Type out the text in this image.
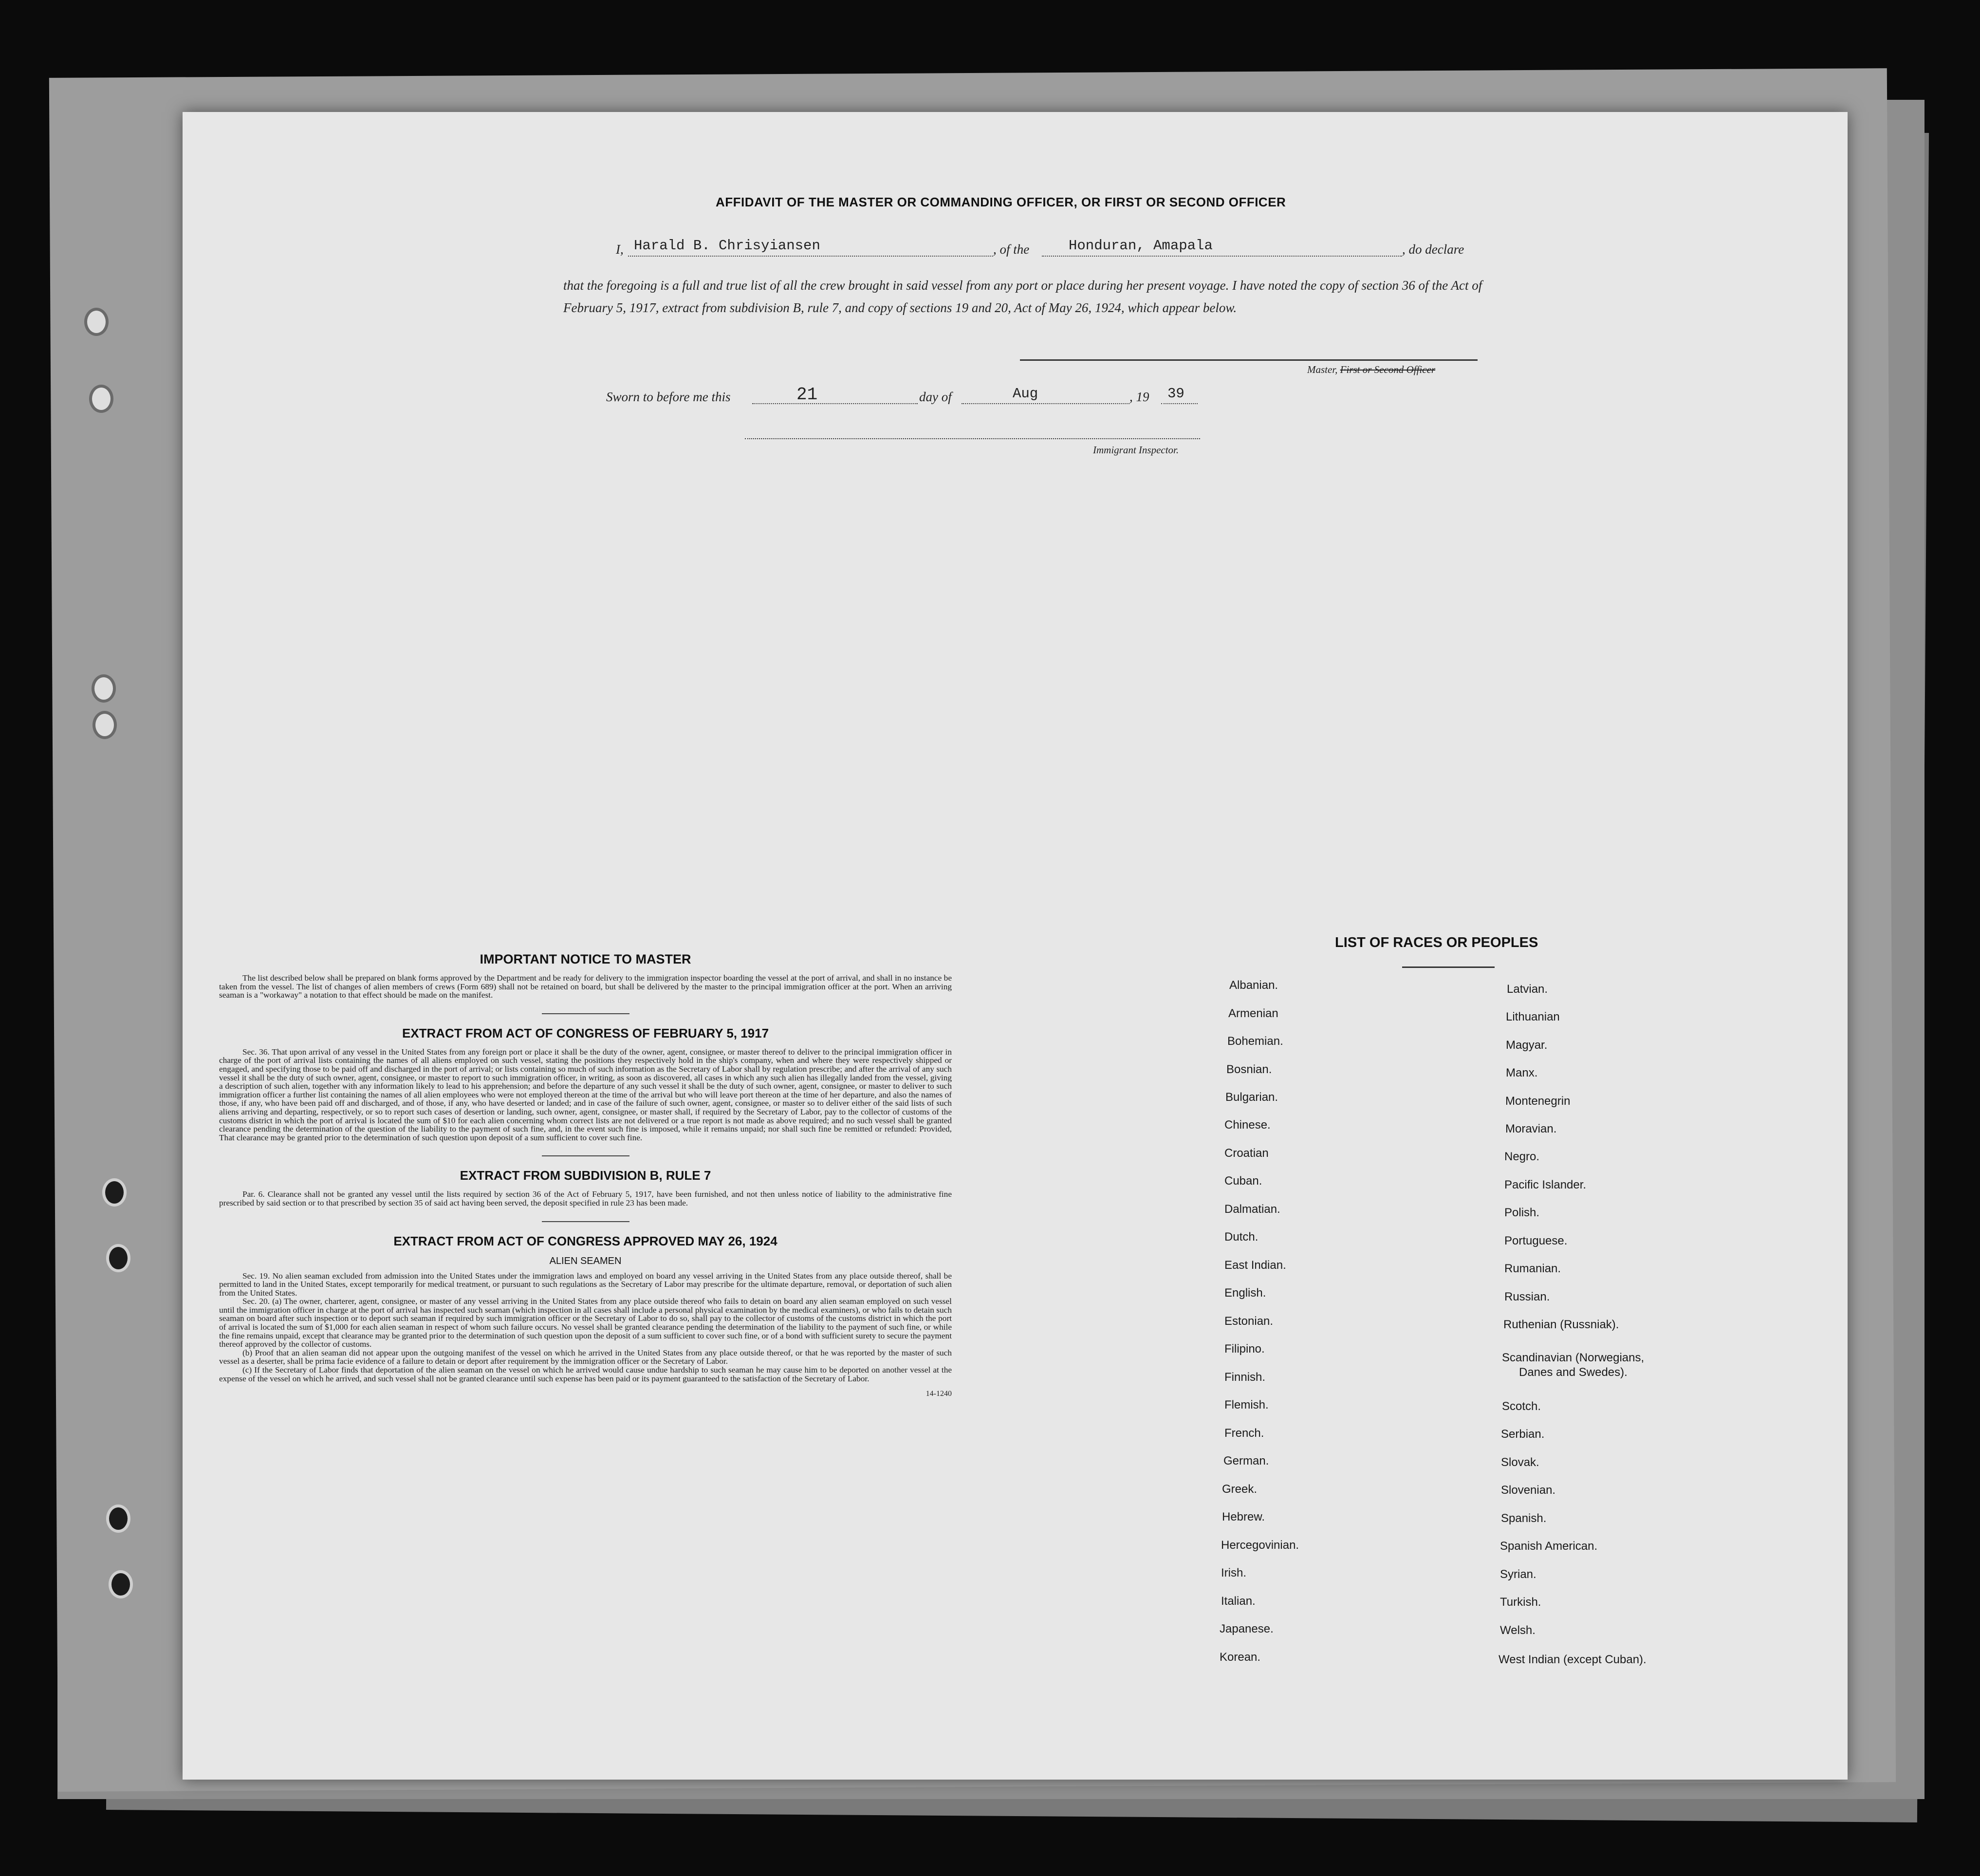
AFFIDAVIT OF THE MASTER OR COMMANDING OFFICER, OR FIRST OR SECOND OFFICER
I, Harald B. Chrisyiansen	, of the	Honduran, Amapala	, do declare

that the foregoing is a full and true list of all the crew brought in said vessel from any port or place during her present voyage. I have noted the copy of section 36 of the Act of February 5, 1917, extract from subdivision B, rule 7, and copy of sections 19 and 20, Act of May 26, 1924, which appear below.

Master, First or Second Officer
Sworn to before me this	21	day of	Aug	, 19 39
Immigrant Inspector.
IMPORTANT NOTICE TO MASTER

The list described below shall be prepared on blank forms approved by the Department and be ready for delivery to the immigration inspector boarding the vessel at the port of arrival, and shall in no instance be taken from the vessel. The list of changes of alien members of crews (Form 689) shall not be retained on board, but shall be delivered by the master to the principal immigration officer at the port. When an arriving seaman is a "workaway" a notation to that effect should be made on the manifest.

EXTRACT FROM ACT OF CONGRESS OF FEBRUARY 5, 1917

Sec. 36. That upon arrival of any vessel in the United States from any foreign port or place it shall be the duty of the owner, agent, consignee, or master thereof to deliver to the principal immigration officer in charge of the port of arrival lists containing the names of all aliens employed on such vessel, stating the positions they respectively hold in the ship's company, when and where they were respectively shipped or engaged, and specifying those to be paid off and discharged in the port of arrival; or lists containing so much of such information as the Secretary of Labor shall by regulation prescribe; and after the arrival of any such vessel it shall be the duty of such owner, agent, consignee, or master to report to such immigration officer, in writing, as soon as discovered, all cases in which any such alien has illegally landed from the vessel, giving a description of such alien, together with any information likely to lead to his apprehension; and before the departure of any such vessel it shall be the duty of such owner, agent, consignee, or master to deliver to such immigration officer a further list containing the names of all alien employees who were not employed thereon at the time of the arrival but who will leave port thereon at the time of her departure, and also the names of those, if any, who have been paid off and discharged, and of those, if any, who have deserted or landed; and in case of the failure of such owner, agent, consignee, or master so to deliver either of the said lists of such aliens arriving and departing, respectively, or so to report such cases of desertion or landing, such owner, agent, consignee, or master shall, if required by the Secretary of Labor, pay to the collector of customs of the customs district in which the port of arrival is located the sum of $10 for each alien concerning whom correct lists are not delivered or a true report is not made as above required; and no such vessel shall be granted clearance pending the determination of the question of the liability to the payment of such fine, and, in the event such fine is imposed, while it remains unpaid; nor shall such fine be remitted or refunded: Provided, That clearance may be granted prior to the determination of such question upon deposit of a sum sufficient to cover such fine.

EXTRACT FROM SUBDIVISION B, RULE 7

Par. 6. Clearance shall not be granted any vessel until the lists required by section 36 of the Act of February 5, 1917, have been furnished, and not then unless notice of liability to the administrative fine prescribed by said section or to that prescribed by section 35 of said act having been served, the deposit specified in rule 23 has been made.

EXTRACT FROM ACT OF CONGRESS APPROVED MAY 26, 1924
ALIEN SEAMEN

Sec. 19. No alien seaman excluded from admission into the United States under the immigration laws and employed on board any vessel arriving in the United States from any place outside thereof, shall be permitted to land in the United States, except temporarily for medical treatment, or pursuant to such regulations as the Secretary of Labor may prescribe for the ultimate departure, removal, or deportation of such alien from the United States.

Sec. 20. (a) The owner, charterer, agent, consignee, or master of any vessel arriving in the United States from any place outside thereof who fails to detain on board any alien seaman employed on such vessel until the immigration officer in charge at the port of arrival has inspected such seaman (which inspection in all cases shall include a personal physical examination by the medical examiners), or who fails to detain such seaman on board after such inspection or to deport such seaman if required by such immigration officer or the Secretary of Labor to do so, shall pay to the collector of customs of the customs district in which the port of arrival is located the sum of $1,000 for each alien seaman in respect of whom such failure occurs. No vessel shall be granted clearance pending the determination of the liability to the payment of such fine, or while the fine remains unpaid, except that clearance may be granted prior to the determination of such question upon the deposit of a sum sufficient to cover such fine, or of a bond with sufficient surety to secure the payment thereof approved by the collector of customs.

(b) Proof that an alien seaman did not appear upon the outgoing manifest of the vessel on which he arrived in the United States from any place outside thereof, or that he was reported by the master of such vessel as a deserter, shall be prima facie evidence of a failure to detain or deport after requirement by the immigration officer or the Secretary of Labor.

(c) If the Secretary of Labor finds that deportation of the alien seaman on the vessel on which he arrived would cause undue hardship to such seaman he may cause him to be deported on another vessel at the expense of the vessel on which he arrived, and such vessel shall not be granted clearance until such expense has been paid or its payment guaranteed to the satisfaction of the Secretary of Labor.

14-1240
LIST OF RACES OR PEOPLES
Albanian.
Armenian
Bohemian.
Bosnian.
Bulgarian.
Chinese.
Croatian
Cuban.
Dalmatian.
Dutch.
East Indian.
English.
Estonian.
Filipino.
Finnish.
Flemish.
French.
German.
Greek.
Hebrew.
Hercegovinian.
Irish.
Italian.
Japanese.
Korean.
Latvian.
Lithuanian
Magyar.
Manx.
Montenegrin
Moravian.
Negro.
Pacific Islander.
Polish.
Portuguese.
Rumanian.
Russian.
Ruthenian (Russniak).
Scandinavian (Norwegians,
Danes and Swedes).
Scotch.
Serbian.
Slovak.
Slovenian.
Spanish.
Spanish American.
Syrian.
Turkish.
Welsh.
West Indian (except Cuban).
